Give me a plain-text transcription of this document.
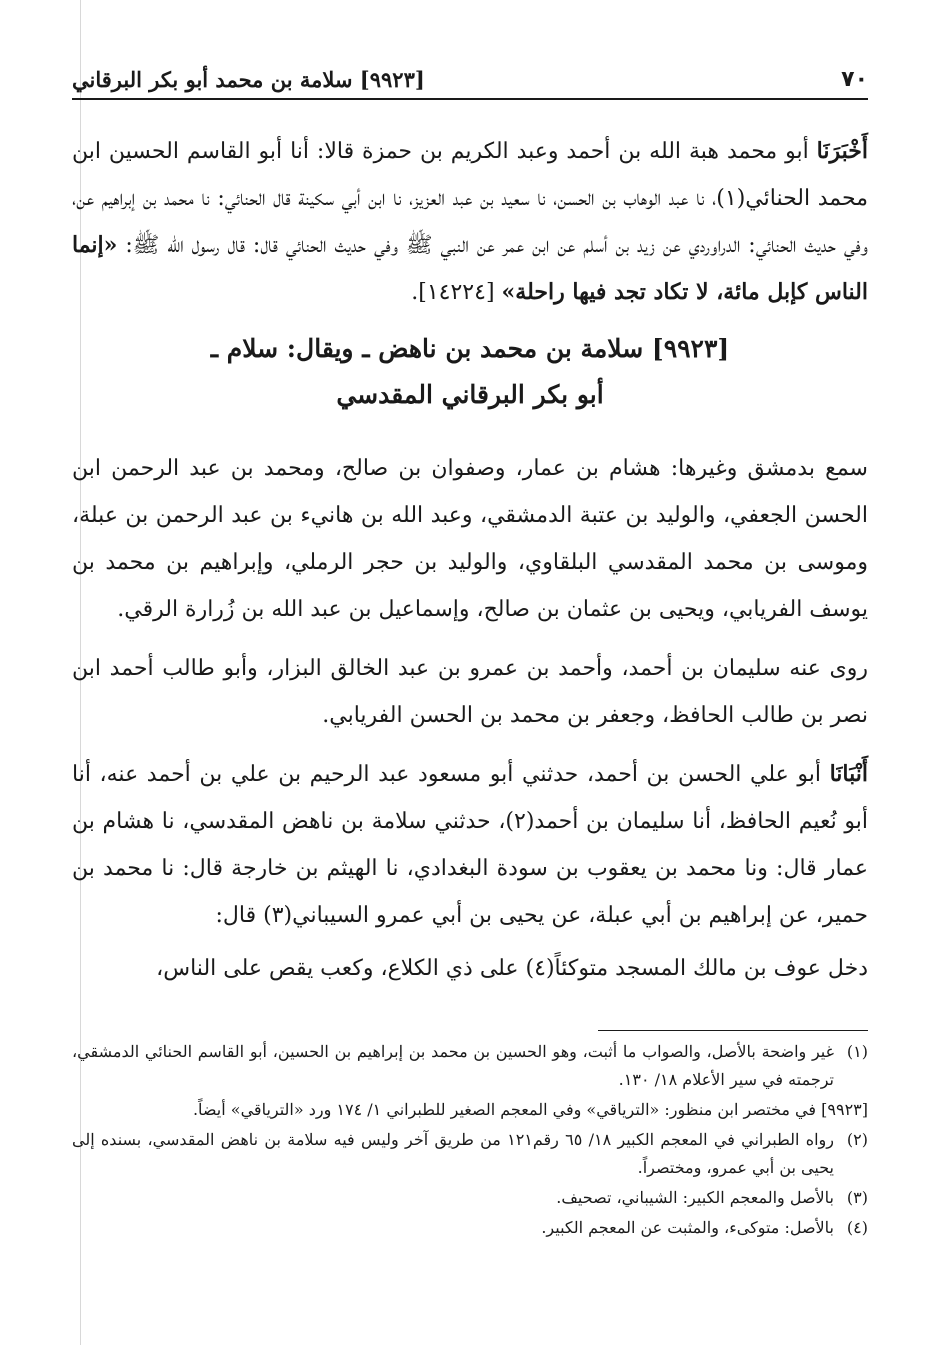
٧٠
[٩٩٢٣] سلامة بن محمد أبو بكر البرقاني

أَخْبَرَنَا أبو محمد هبة الله بن أحمد وعبد الكريم بن حمزة قالا: أنا أبو القاسم الحسين ابن محمد الحنائي(١)، نا عبد الوهاب بن الحسن، نا سعيد بن عبد العزيز، نا ابن أبي سكينة قال الحنائي: نا محمد بن إبراهيم عن، وفي حديث الحنائي: الدراوردي عن زيد بن أسلم عن ابن عمر عن النبي ﷺ وفي حديث الحنائي قال: قال رسول الله ﷺ: «إنما الناس كإبل مائة، لا تكاد تجد فيها راحلة» [١٤٢٢٤].

[٩٩٢٣] سلامة بن محمد بن ناهض ـ ويقال: سلام ـ
أبو بكر البرقاني المقدسي

سمع بدمشق وغيرها: هشام بن عمار، وصفوان بن صالح، ومحمد بن عبد الرحمن ابن الحسن الجعفي، والوليد بن عتبة الدمشقي، وعبد الله بن هانيء بن عبد الرحمن بن عبلة، وموسى بن محمد المقدسي البلقاوي، والوليد بن حجر الرملي، وإبراهيم بن محمد بن يوسف الفريابي، ويحيى بن عثمان بن صالح، وإسماعيل بن عبد الله بن زُرارة الرقي.

روى عنه سليمان بن أحمد، وأحمد بن عمرو بن عبد الخالق البزار، وأبو طالب أحمد ابن نصر بن طالب الحافظ، وجعفر بن محمد بن الحسن الفريابي.

أَنْبَانَا أبو علي الحسن بن أحمد، حدثني أبو مسعود عبد الرحيم بن علي بن أحمد عنه، أنا أبو نُعيم الحافظ، أنا سليمان بن أحمد(٢)، حدثني سلامة بن ناهض المقدسي، نا هشام بن عمار قال: ونا محمد بن يعقوب بن سودة البغدادي، نا الهيثم بن خارجة قال: نا محمد بن حمير، عن إبراهيم بن أبي عبلة، عن يحيى بن أبي عمرو السيباني(٣) قال:

دخل عوف بن مالك المسجد متوكئاً(٤) على ذي الكلاع، وكعب يقص على الناس،

(١)
غير واضحة بالأصل، والصواب ما أثبت، وهو الحسين بن محمد بن إبراهيم بن الحسين، أبو القاسم الحنائي الدمشقي، ترجمته في سير الأعلام ١٨/ ١٣٠.
[٩٩٢٣] في مختصر ابن منظور: «الترياقي» وفي المعجم الصغير للطبراني ١/ ١٧٤ ورد «الترياقي» أيضاً.
(٢)
رواه الطبراني في المعجم الكبير ١٨/ ٦٥ رقم١٢١ من طريق آخر وليس فيه سلامة بن ناهض المقدسي، بسنده إلى يحيى بن أبي عمرو، ومختصراً.
(٣)
بالأصل والمعجم الكبير: الشيباني، تصحيف.
(٤)
بالأصل: متوكىء، والمثبت عن المعجم الكبير.
